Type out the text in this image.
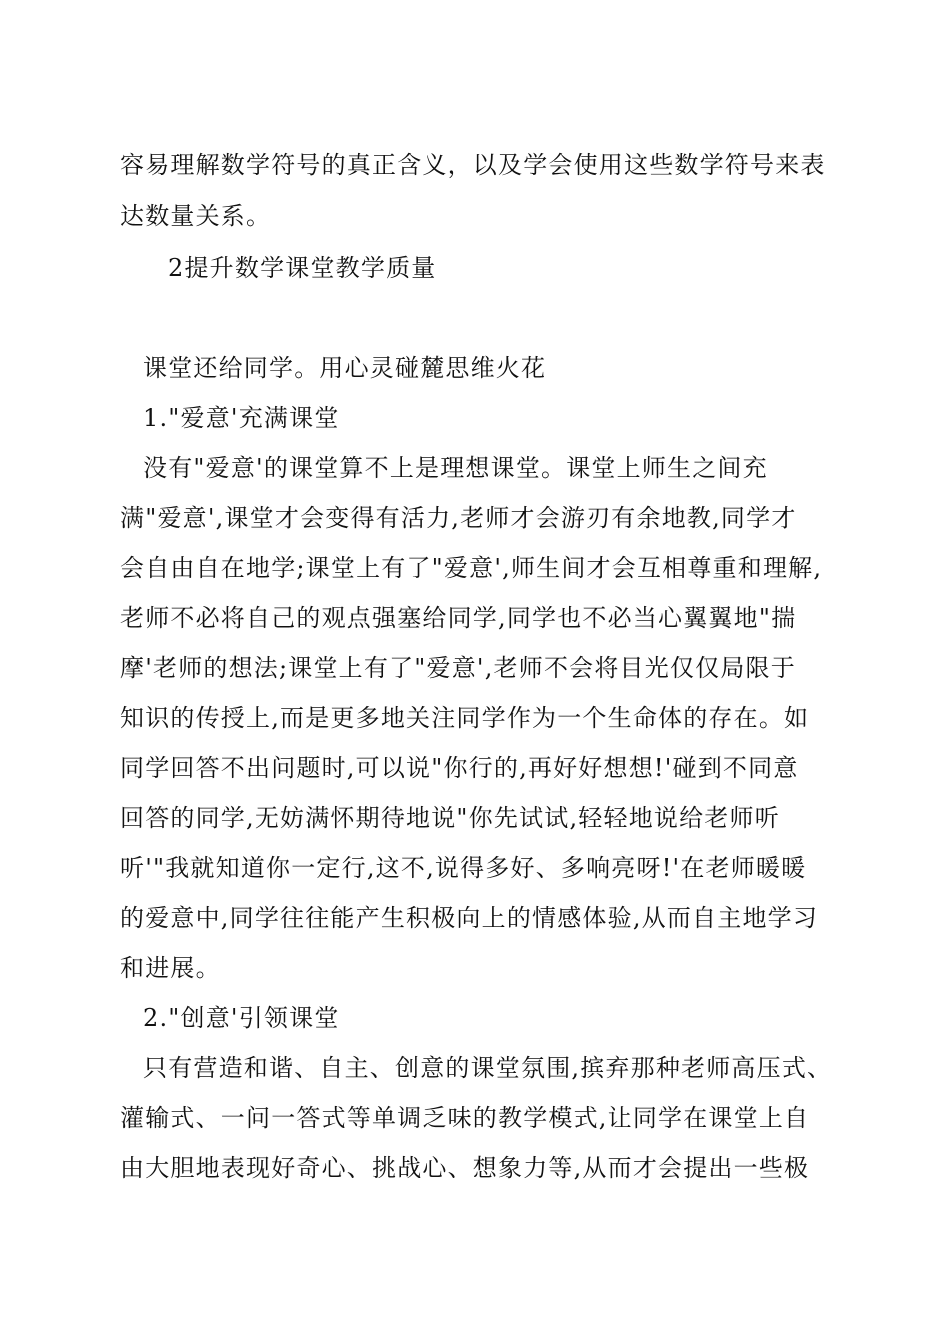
容易理解数学符号的真正含义，以及学会使用这些数学符号来表
达数量关系。
2提升数学课堂教学质量
课堂还给同学。用心灵碰麓思维火花
1."爱意'充满课堂
没有"爱意'的课堂算不上是理想课堂。课堂上师生之间充
满"爱意',课堂才会变得有活力,老师才会游刃有余地教,同学才
会自由自在地学;课堂上有了"爱意',师生间才会互相尊重和理解,
老师不必将自己的观点强塞给同学,同学也不必当心翼翼地"揣
摩'老师的想法;课堂上有了"爱意',老师不会将目光仅仅局限于
知识的传授上,而是更多地关注同学作为一个生命体的存在。如
同学回答不出问题时,可以说"你行的,再好好想想!'碰到不同意
回答的同学,无妨满怀期待地说"你先试试,轻轻地说给老师听
听'"我就知道你一定行,这不,说得多好、多响亮呀!'在老师暖暖
的爱意中,同学往往能产生积极向上的情感体验,从而自主地学习
和进展。
2."创意'引领课堂
只有营造和谐、自主、创意的课堂氛围,摈弃那种老师高压式、
灌输式、一问一答式等单调乏味的教学模式,让同学在课堂上自
由大胆地表现好奇心、挑战心、想象力等,从而才会提出一些极
